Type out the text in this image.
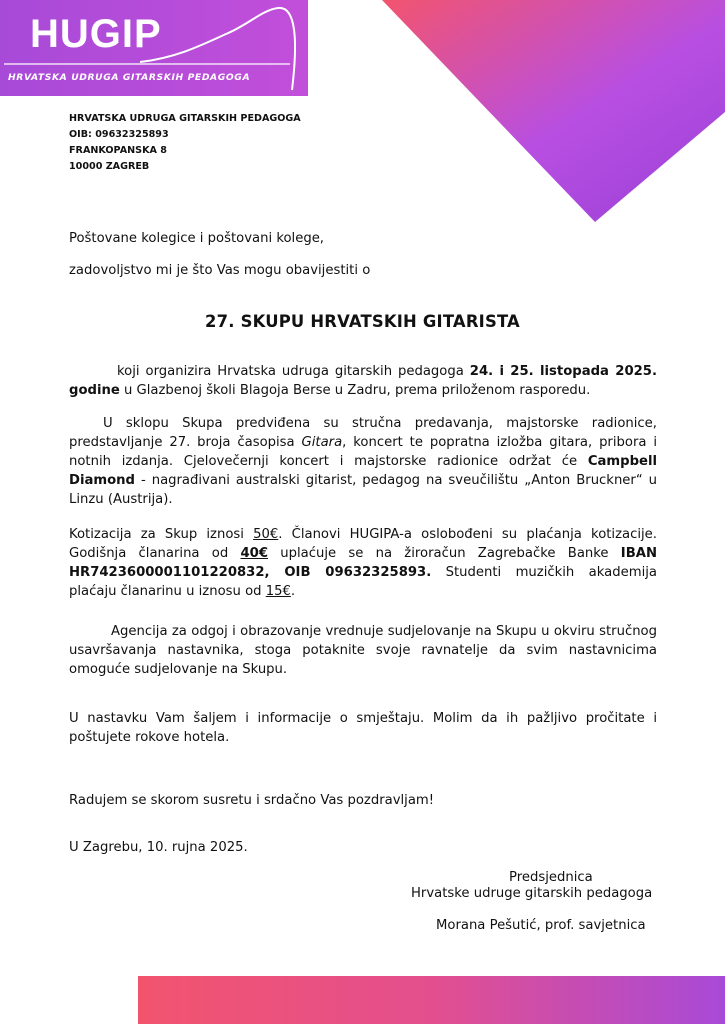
HUGIP
HRVATSKA UDRUGA GITARSKIH PEDAGOGA
HRVATSKA UDRUGA GITARSKIH PEDAGOGA
OIB: 09632325893
FRANKOPANSKA 8
10000 ZAGREB
Poštovane kolegice i poštovani kolege,
zadovoljstvo mi je što Vas mogu obavijestiti o
27. SKUPU HRVATSKIH GITARISTA
koji organizira Hrvatska udruga gitarskih pedagoga 24. i 25. listopada 2025. godine u Glazbenoj školi Blagoja Berse u Zadru, prema priloženom rasporedu.
U sklopu Skupa predviđena su stručna predavanja, majstorske radionice, predstavljanje 27. broja časopisa Gitara, koncert te popratna izložba gitara, pribora i notnih izdanja. Cjelovečernji koncert i majstorske radionice održat će Campbell Diamond - nagrađivani australski gitarist, pedagog na sveučilištu „Anton Bruckner“ u Linzu (Austrija).
Kotizacija za Skup iznosi 50€. Članovi HUGIPA-a oslobođeni su plaćanja kotizacije. Godišnja članarina od 40€ uplaćuje se na žiroračun Zagrebačke Banke IBAN HR7423600001101220832, OIB 09632325893. Studenti muzičkih akademija plaćaju članarinu u iznosu od 15€.
Agencija za odgoj i obrazovanje vrednuje sudjelovanje na Skupu u okviru stručnog usavršavanja nastavnika, stoga potaknite svoje ravnatelje da svim nastavnicima omoguće sudjelovanje na Skupu.
U nastavku Vam šaljem i informacije o smještaju. Molim da ih pažljivo pročitate i poštujete rokove hotela.
Radujem se skorom susretu i srdačno Vas pozdravljam!
U Zagrebu, 10. rujna 2025.
Predsjednica
Hrvatske udruge gitarskih pedagoga
Morana Pešutić, prof. savjetnica
